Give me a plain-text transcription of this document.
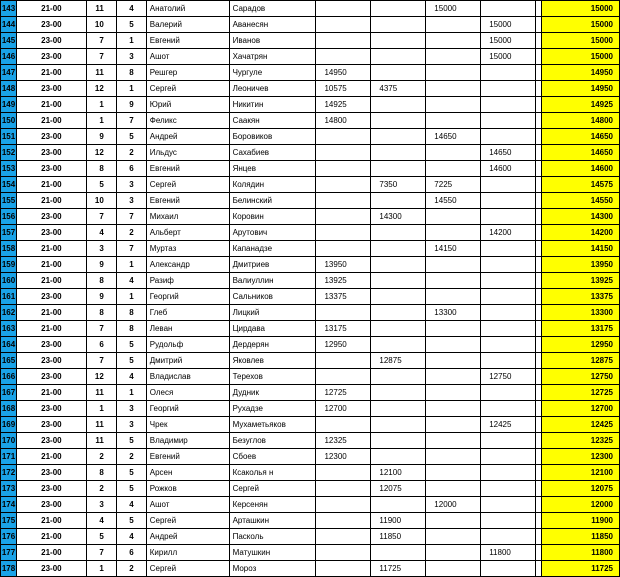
143	21-00	11	4	Анатолий	Сарадов			15000			15000
144	23-00	10	5	Валерий	Аванесян				15000		15000
145	23-00	7	1	Евгений	Иванов				15000		15000
146	23-00	7	3	Ашот	Хачатрян				15000		15000
147	21-00	11	8	Решгер	Чургуле	14950					14950
148	23-00	12	1	Сергей	Леоничев	10575	4375				14950
149	21-00	1	9	Юрий	Никитин	14925					14925
150	21-00	1	7	Феликс	Саакян	14800					14800
151	23-00	9	5	Андрей	Боровиков			14650			14650
152	23-00	12	2	Ильдус	Сахабиев				14650		14650
153	23-00	8	6	Евгений	Янцев				14600		14600
154	21-00	5	3	Сергей	Колядин		7350	7225			14575
155	21-00	10	3	Евгений	Белинский			14550			14550
156	23-00	7	7	Михаил	Коровин		14300				14300
157	23-00	4	2	Альберт	Арутович				14200		14200
158	21-00	3	7	Муртаз	Капанадзе			14150			14150
159	21-00	9	1	Александр	Дмитриев	13950					13950
160	21-00	8	4	Разиф	Валиуллин	13925					13925
161	23-00	9	1	Георгий	Сальников	13375					13375
162	21-00	8	8	Глеб	Лицкий			13300			13300
163	21-00	7	8	Леван	Цирдава	13175					13175
164	23-00	6	5	Рудольф	Дердерян	12950					12950
165	23-00	7	5	Дмитрий	Яковлев		12875				12875
166	23-00	12	4	Владислав	Терехов				12750		12750
167	21-00	11	1	Олеся	Дудник	12725					12725
168	23-00	1	3	Георгий	Рухадзе	12700					12700
169	23-00	11	3	Чрек	Мухаметьяков				12425		12425
170	23-00	11	5	Владимир	Безуглов	12325					12325
171	21-00	2	2	Евгений	Сбоев	12300					12300
172	23-00	8	5	Арсен	Ксаколья н		12100				12100
173	23-00	2	5	Рожков	Сергей		12075				12075
174	23-00	3	4	Ашот	Керсенян			12000			12000
175	21-00	4	5	Сергей	Арташкин		11900				11900
176	21-00	5	4	Андрей	Пасколь		11850				11850
177	21-00	7	6	Кирилл	Матушкин				11800		11800
178	23-00	1	2	Сергей	Мороз		11725				11725
